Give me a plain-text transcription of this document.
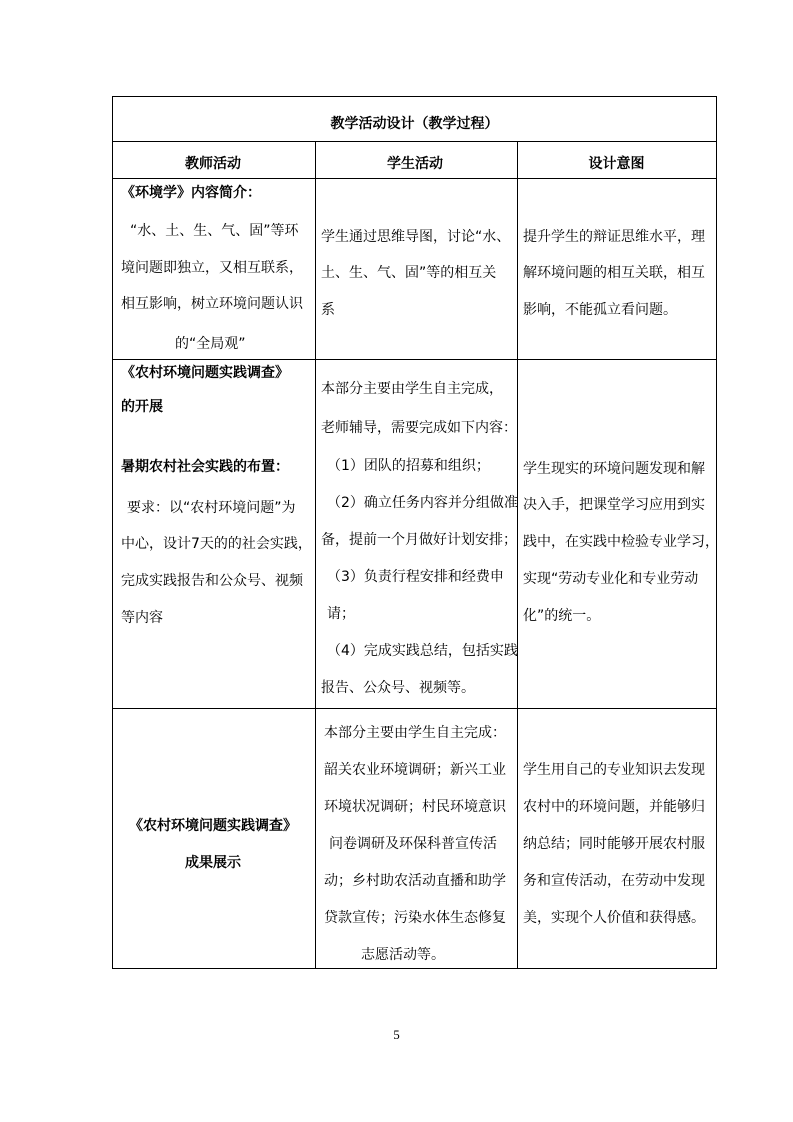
教学活动设计（教学过程）
教师活动	学生活动	设计意图
《环境学》内容简介：
“水、土、生、气、固”等环
境问题即独立，又相互联系，
相互影响，树立环境问题认识
的“全局观”
学生通过思维导图，讨论“水、
土、生、气、固”等的相互关
系
提升学生的辩证思维水平，理
解环境问题的相互关联，相互
影响，不能孤立看问题。
《农村环境问题实践调查》
的开展
暑期农村社会实践的布置：
要求：以“农村环境问题”为
中心，设计7天的的社会实践，
完成实践报告和公众号、视频
等内容
本部分主要由学生自主完成，
老师辅导，需要完成如下内容：
（1）团队的招募和组织；
（2）确立任务内容并分组做准
备，提前一个月做好计划安排；
（3）负责行程安排和经费申
请；
（4）完成实践总结，包括实践
报告、公众号、视频等。
学生现实的环境问题发现和解
决入手，把课堂学习应用到实
践中，在实践中检验专业学习，
实现“劳动专业化和专业劳动
化”的统一。
《农村环境问题实践调查》
成果展示
本部分主要由学生自主完成：
韶关农业环境调研；新兴工业
环境状况调研；村民环境意识
问卷调研及环保科普宣传活
动；乡村助农活动直播和助学
贷款宣传；污染水体生态修复
志愿活动等。
学生用自己的专业知识去发现
农村中的环境问题，并能够归
纳总结；同时能够开展农村服
务和宣传活动，在劳动中发现
美，实现个人价值和获得感。
5
